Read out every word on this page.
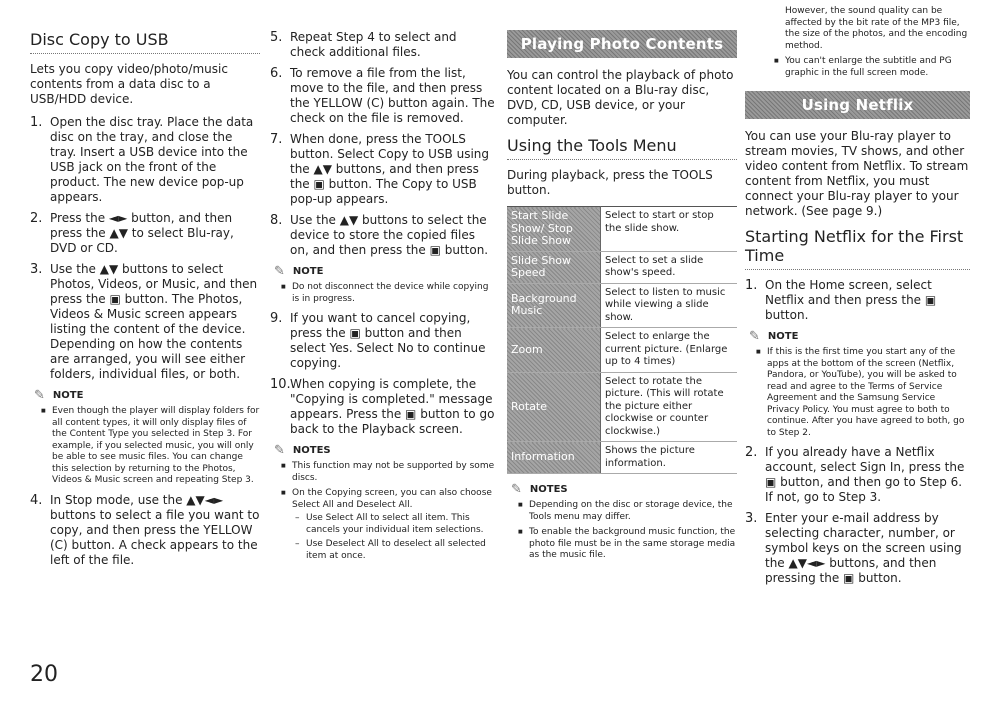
Disc Copy to USB

Lets you copy video/photo/music contents from a data disc to a USB/HDD device.

1. Open the disc tray. Place the data disc on the tray, and close the tray. Insert a USB device into the USB jack on the front of the product. The new device pop-up appears.
2. Press the ◄► button, and then press the ▲▼ to select Blu-ray, DVD or CD.
3. Use the ▲▼ buttons to select Photos, Videos, or Music, and then press the ▣ button. The Photos, Videos & Music screen appears listing the content of the device. Depending on how the contents are arranged, you will see either folders, individual files, or both.
✎ NOTE
■ Even though the player will display folders for all content types, it will only display files of the Content Type you selected in Step 3. For example, if you selected music, you will only be able to see music files. You can change this selection by returning to the Photos, Videos & Music screen and repeating Step 3.
4. In Stop mode, use the ▲▼◄► buttons to select a file you want to copy, and then press the YELLOW (C) button. A check appears to the left of the file.
5. Repeat Step 4 to select and check additional files.
6. To remove a file from the list, move to the file, and then press the YELLOW (C) button again. The check on the file is removed.
7. When done, press the TOOLS button. Select Copy to USB using the ▲▼ buttons, and then press the ▣ button. The Copy to USB pop-up appears.
8. Use the ▲▼ buttons to select the device to store the copied files on, and then press the ▣ button.
✎ NOTE
■ Do not disconnect the device while copying is in progress.
9. If you want to cancel copying, press the ▣ button and then select Yes. Select No to continue copying.
10. When copying is complete, the "Copying is completed." message appears. Press the ▣ button to go back to the Playback screen.
✎ NOTES
■ This function may not be supported by some discs.
■ On the Copying screen, you can also choose Select All and Deselect All.
– Use Select All to select all item. This cancels your individual item selections.
– Use Deselect All to deselect all selected item at once.
Playing Photo Contents

You can control the playback of photo content located on a Blu-ray disc, DVD, CD, USB device, or your computer.

Using the Tools Menu

During playback, press the TOOLS button.

Start Slide Show/ Stop Slide Show	Select to start or stop the slide show.
Slide Show Speed	Select to set a slide show's speed.
Background Music	Select to listen to music while viewing a slide show.
Zoom	Select to enlarge the current picture. (Enlarge up to 4 times)
Rotate	Select to rotate the picture. (This will rotate the picture either clockwise or counter clockwise.)
Information	Shows the picture information.
✎ NOTES
■ Depending on the disc or storage device, the Tools menu may differ.
■ To enable the background music function, the photo file must be in the same storage media as the music file.
However, the sound quality can be affected by the bit rate of the MP3 file, the size of the photos, and the encoding method.
■ You can't enlarge the subtitle and PG graphic in the full screen mode.
Using Netflix

You can use your Blu-ray player to stream movies, TV shows, and other video content from Netflix. To stream content from Netflix, you must connect your Blu-ray player to your network. (See page 9.)

Starting Netflix for the First Time
1. On the Home screen, select Netflix and then press the ▣ button.
✎ NOTE
■ If this is the first time you start any of the apps at the bottom of the screen (Netflix, Pandora, or YouTube), you will be asked to read and agree to the Terms of Service Agreement and the Samsung Service Privacy Policy. You must agree to both to continue. After you have agreed to both, go to Step 2.
2. If you already have a Netflix account, select Sign In, press the ▣ button, and then go to Step 6. If not, go to Step 3.
3. Enter your e-mail address by selecting character, number, or symbol keys on the screen using the ▲▼◄► buttons, and then pressing the ▣ button.
20
